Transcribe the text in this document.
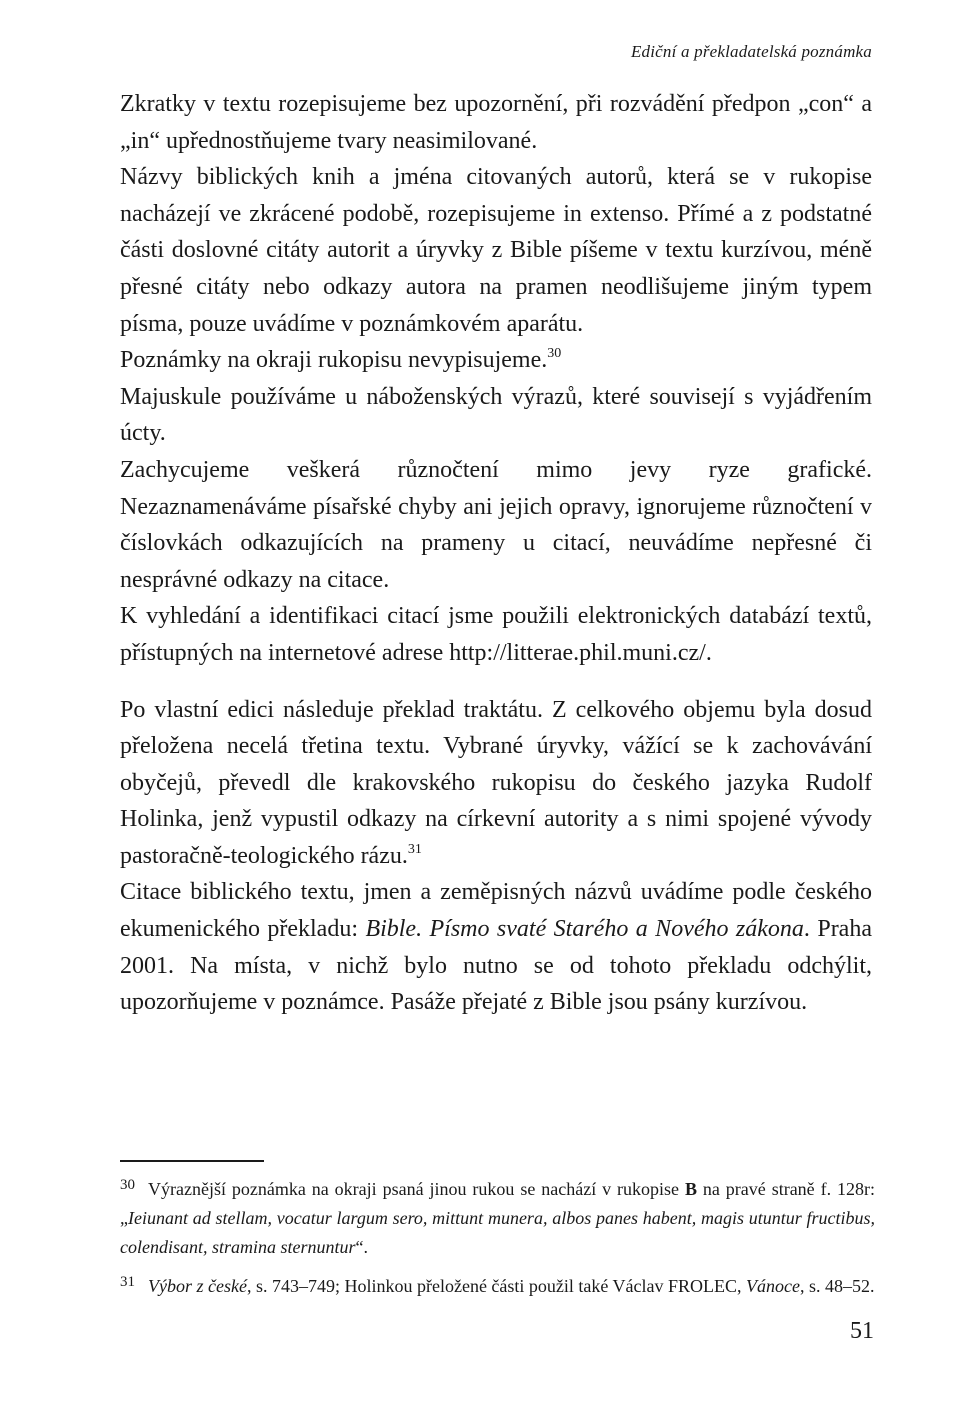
Ediční a překladatelská poznámka

Zkratky v textu rozepisujeme bez upozornění, při rozvádění předpon „con“ a „in“ upřednostňujeme tvary neasimilované.

Názvy biblických knih a jména citovaných autorů, která se v rukopise nacházejí ve zkrácené podobě, rozepisujeme in extenso. Přímé a z podstatné části doslovné citáty autorit a úryvky z Bible píšeme v textu kurzívou, méně přesné citáty nebo odkazy autora na pramen neodlišujeme jiným typem písma, pouze uvádíme v poznámkovém aparátu.

Poznámky na okraji rukopisu nevypisujeme.$^{30}$

Majuskule používáme u náboženských výrazů, které souvisejí s vyjádřením úcty.

Zachycujeme veškerá různočtení mimo jevy ryze grafické. Nezaznamenáváme písařské chyby ani jejich opravy, ignorujeme různočtení v číslovkách odkazujících na prameny u citací, neuvádíme nepřesné či nesprávné odkazy na citace.

K vyhledání a identifikaci citací jsme použili elektronických databází textů, přístupných na internetové adrese http://litterae.phil.muni.cz/.

Po vlastní edici následuje překlad traktátu. Z celkového objemu byla dosud přeložena necelá třetina textu. Vybrané úryvky, vážící se k zachovávání obyčejů, převedl dle krakovského rukopisu do českého jazyka Rudolf Holinka, jenž vypustil odkazy na církevní autority a s nimi spojené vývody pastoračně-teologického rázu.$^{31}$

Citace biblického textu, jmen a zeměpisných názvů uvádíme podle českého ekumenického překladu: Bible. Písmo svaté Starého a Nového zákona. Praha 2001. Na místa, v nichž bylo nutno se od tohoto překladu odchýlit, upozorňujeme v poznámce. Pasáže přejaté z Bible jsou psány kurzívou.

30 Výraznější poznámka na okraji psaná jinou rukou se nachází v rukopise B na pravé straně f. 128r: „Ieiunant ad stellam, vocatur largum sero, mittunt munera, albos panes habent, magis utuntur fructibus, colendisant, stramina sternuntur“.
31 Výbor z české, s. 743–749; Holinkou přeložené části použil také Václav FROLEC, Vánoce, s. 48–52.
51
